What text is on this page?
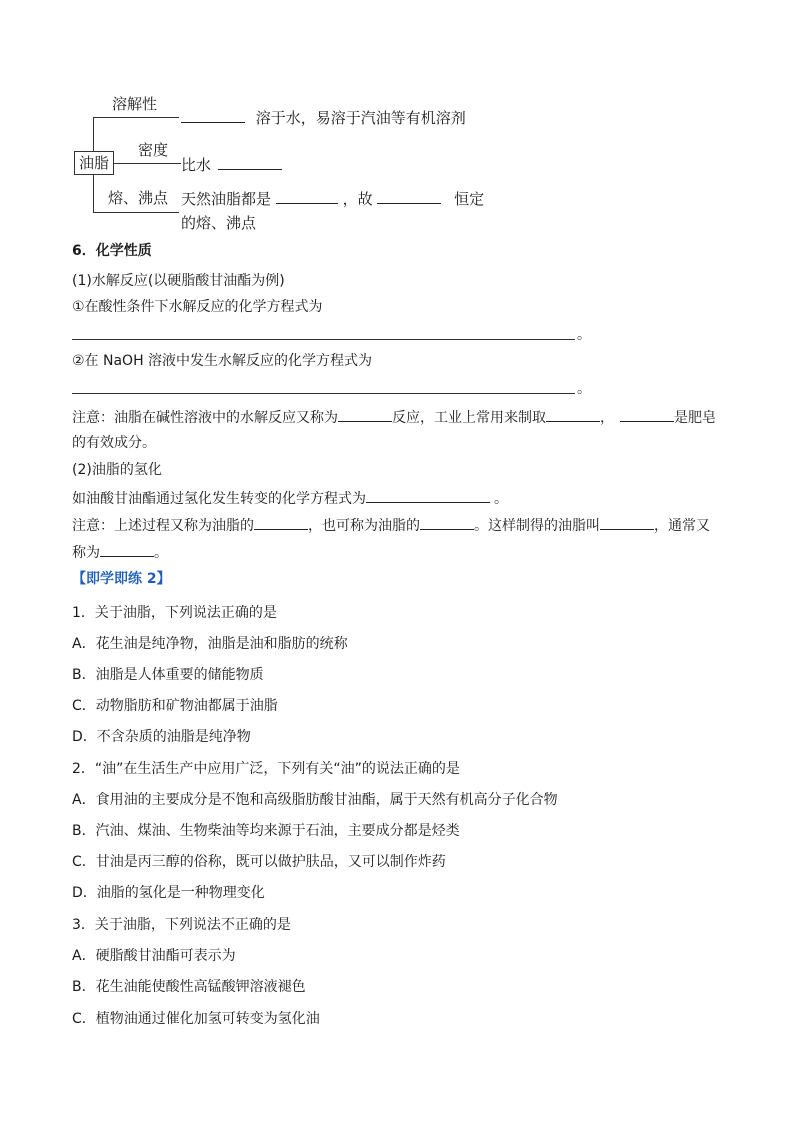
油脂
溶解性
溶于水，易溶于汽油等有机溶剂
密度
比水
熔、沸点 天然油脂都是	，故	恒定
的熔、沸点
6．化学性质
(1)水解反应(以硬脂酸甘油酯为例)
①在酸性条件下水解反应的化学方程式为
。
②在 NaOH 溶液中发生水解反应的化学方程式为
。
注意：油脂在碱性溶液中的水解反应又称为	反应，工业上常用来制取	，	是肥皂
的有效成分。
(2)油脂的氢化
如油酸甘油酯通过氢化发生转变的化学方程式为	。
注意：上述过程又称为油脂的	，也可称为油脂的	。这样制得的油脂叫	，通常又
称为	。
【即学即练 2】
1．关于油脂，下列说法正确的是
A．花生油是纯净物，油脂是油和脂肪的统称
B．油脂是人体重要的储能物质
C．动物脂肪和矿物油都属于油脂
D．不含杂质的油脂是纯净物
2．“油”在生活生产中应用广泛，下列有关“油”的说法正确的是
A．食用油的主要成分是不饱和高级脂肪酸甘油酯，属于天然有机高分子化合物
B．汽油、煤油、生物柴油等均来源于石油，主要成分都是烃类
C．甘油是丙三醇的俗称，既可以做护肤品，又可以制作炸药
D．油脂的氢化是一种物理变化
3．关于油脂，下列说法不正确的是
A．硬脂酸甘油酯可表示为
B．花生油能使酸性高锰酸钾溶液褪色
C．植物油通过催化加氢可转变为氢化油
